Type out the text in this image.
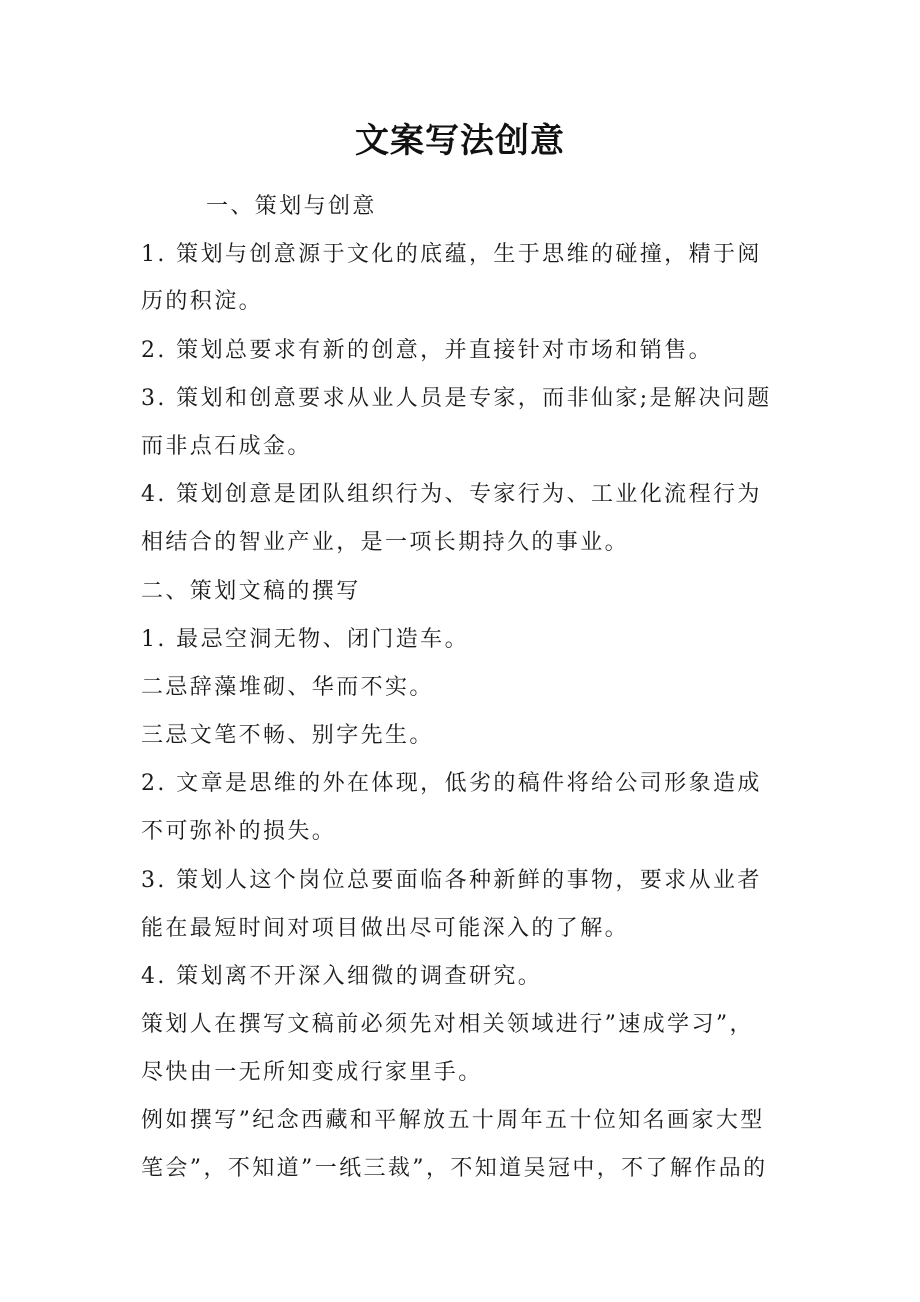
文案写法创意
一、策划与创意
1. 策划与创意源于文化的底蕴，生于思维的碰撞，精于阅
历的积淀。
2. 策划总要求有新的创意，并直接针对市场和销售。
3. 策划和创意要求从业人员是专家，而非仙家;是解决问题
而非点石成金。
4. 策划创意是团队组织行为、专家行为、工业化流程行为
相结合的智业产业，是一项长期持久的事业。
二、策划文稿的撰写
1. 最忌空洞无物、闭门造车。
二忌辞藻堆砌、华而不实。
三忌文笔不畅、别字先生。
2. 文章是思维的外在体现，低劣的稿件将给公司形象造成
不可弥补的损失。
3. 策划人这个岗位总要面临各种新鲜的事物，要求从业者
能在最短时间对项目做出尽可能深入的了解。
4. 策划离不开深入细微的调查研究。
策划人在撰写文稿前必须先对相关领域进行”速成学习”，
尽快由一无所知变成行家里手。
例如撰写”纪念西藏和平解放五十周年五十位知名画家大型
笔会”，不知道”一纸三裁”，不知道吴冠中，不了解作品的
